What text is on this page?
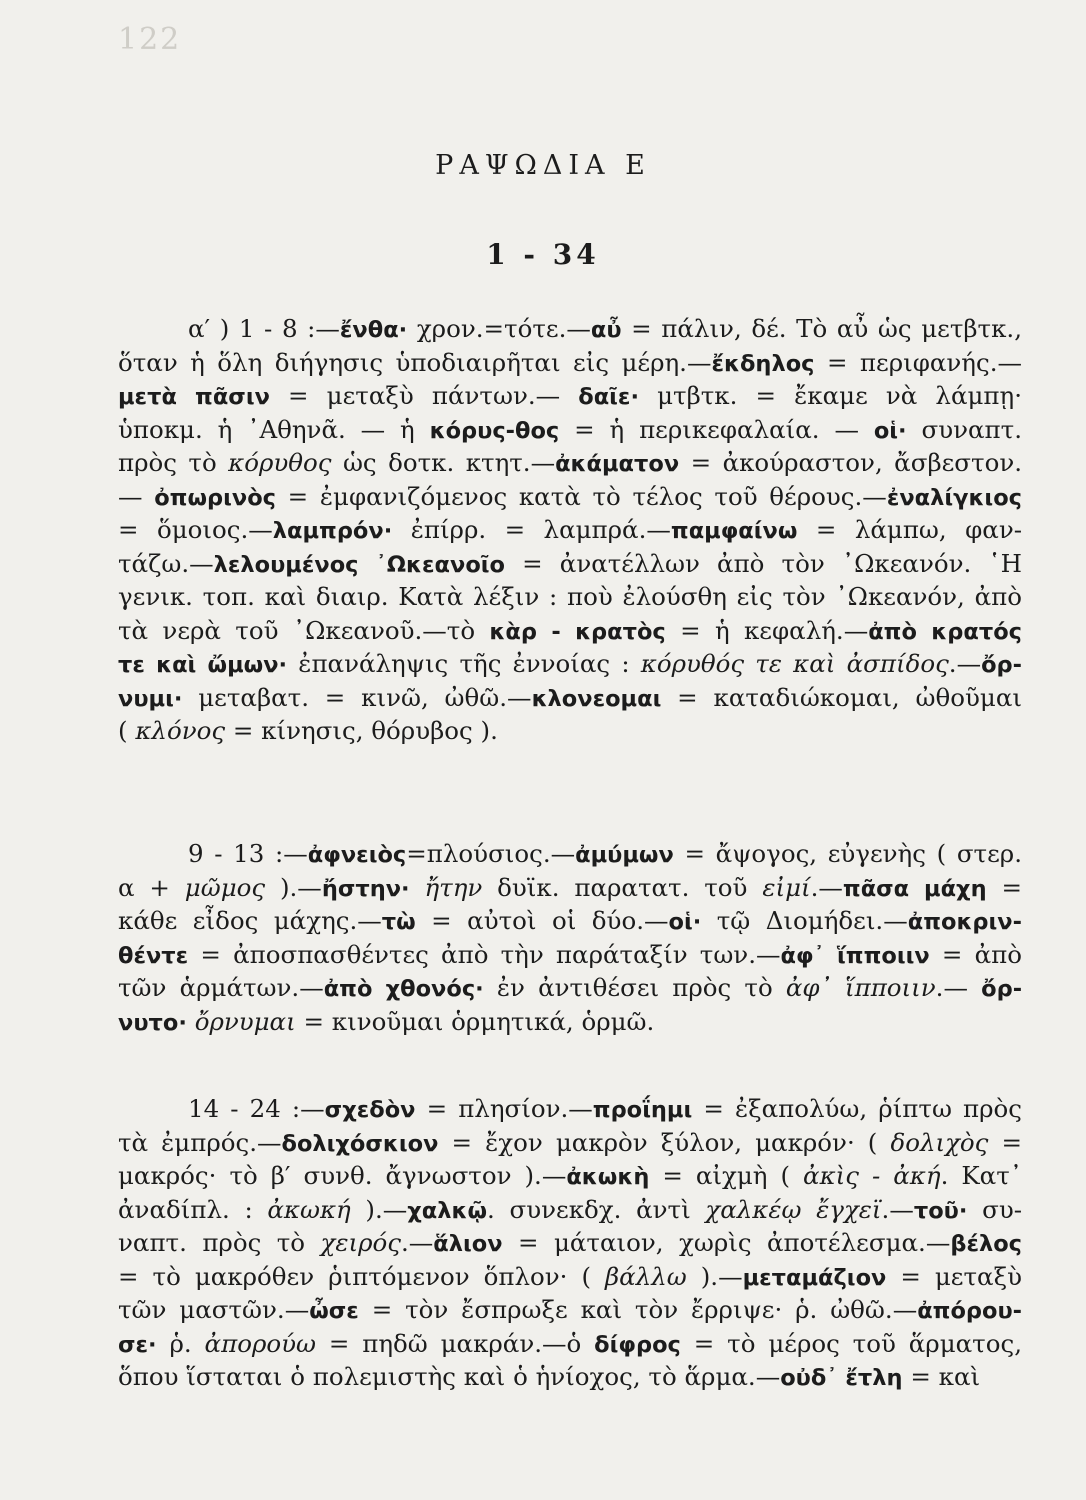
122
ΡΑΨΩΔΙΑ Ε
1 - 34
α′ ) 1 - 8 :—ἔνθα· χρον.=τότε.—αὖ = πάλιν, δέ. Τὸ αὖ ὡς μετβτκ.,
ὅταν ἡ ὅλη διήγησις ὑποδιαιρῆται εἰς μέρη.—ἔκδηλος = περιφανής.—
μετὰ πᾶσιν = μεταξὺ πάντων.— δαῖε· μτβτκ. = ἔκαμε νὰ λάμπῃ·
ὑποκμ. ἡ ᾿Αθηνᾶ. — ἡ κόρυς-θος = ἡ περικεφαλαία. — οἱ· συναπτ.
πρὸς τὸ κόρυθος ὡς δοτκ. κτητ.—ἀκάματον = ἀκούραστον, ἄσβεστον.
— ὀπωρινὸς = ἐμφανιζόμενος κατὰ τὸ τέλος τοῦ θέρους.—ἐναλίγκιος
= ὅμοιος.—λαμπρόν· ἐπίρρ. = λαμπρά.—παμφαίνω = λάμπω, φαν-
τάζω.—λελουμένος ᾿Ωκεανοῖο = ἀνατέλλων ἀπὸ τὸν ᾿Ωκεανόν. ῾Η
γενικ. τοπ. καὶ διαιρ. Κατὰ λέξιν : ποὺ ἐλούσθη εἰς τὸν ᾿Ωκεανόν, ἀπὸ
τὰ νερὰ τοῦ ᾿Ωκεανοῦ.—τὸ κὰρ - κρατὸς = ἡ κεφαλή.—ἀπὸ κρατός
τε καὶ ὤμων· ἐπανάληψις τῆς ἐννοίας : κόρυθός τε καὶ ἀσπίδος.—ὄρ-
νυμι· μεταβατ. = κινῶ, ὠθῶ.—κλονεομαι = καταδιώκομαι, ὠθοῦμαι
( κλόνος = κίνησις, θόρυβος ).
9 - 13 :—ἀφνειὸς=πλούσιος.—ἀμύμων = ἄψογος, εὐγενὴς ( στερ.
α + μῶμος ).—ἤστην· ἤτην δυϊκ. παρατατ. τοῦ εἰμί.—πᾶσα μάχη =
κάθε εἶδος μάχης.—τὼ = αὐτοὶ οἱ δύο.—οἱ· τῷ Διομήδει.—ἀποκριν-
θέντε = ἀποσπασθέντες ἀπὸ τὴν παράταξίν των.—ἀφ᾿ ἵπποιιν = ἀπὸ
τῶν ἁρμάτων.—ἀπὸ χθονός· ἐν ἀντιθέσει πρὸς τὸ ἀφ᾿ ἵπποιιν.— ὄρ-
νυτο· ὄρνυμαι = κινοῦμαι ὁρμητικά, ὁρμῶ.
14 - 24 :—σχεδὸν = πλησίον.—προΐημι = ἐξαπολύω, ῥίπτω πρὸς
τὰ ἐμπρός.—δολιχόσκιον = ἔχον μακρὸν ξύλον, μακρόν· ( δολιχὸς =
μακρός· τὸ β′ συνθ. ἄγνωστον ).—ἀκωκὴ = αἰχμὴ ( ἀκὶς - ἀκή. Κατ᾿
ἀναδίπλ. : ἀκωκή ).—χαλκῷ. συνεκδχ. ἀντὶ χαλκέῳ ἔγχεϊ.—τοῦ· συ-
ναπτ. πρὸς τὸ χειρός.—ἅλιον = μάταιον, χωρὶς ἀποτέλεσμα.—βέλος
= τὸ μακρόθεν ῥιπτόμενον ὅπλον· ( βάλλω ).—μεταμάζιον = μεταξὺ
τῶν μαστῶν.—ὦσε = τὸν ἔσπρωξε καὶ τὸν ἔρριψε· ῥ. ὠθῶ.—ἀπόρου-
σε· ῥ. ἀπορούω = πηδῶ μακράν.—ὁ δίφρος = τὸ μέρος τοῦ ἅρματος,
ὅπου ἵσταται ὁ πολεμιστὴς καὶ ὁ ἡνίοχος, τὸ ἅρμα.—οὐδ᾿ ἔτλη = καὶ
